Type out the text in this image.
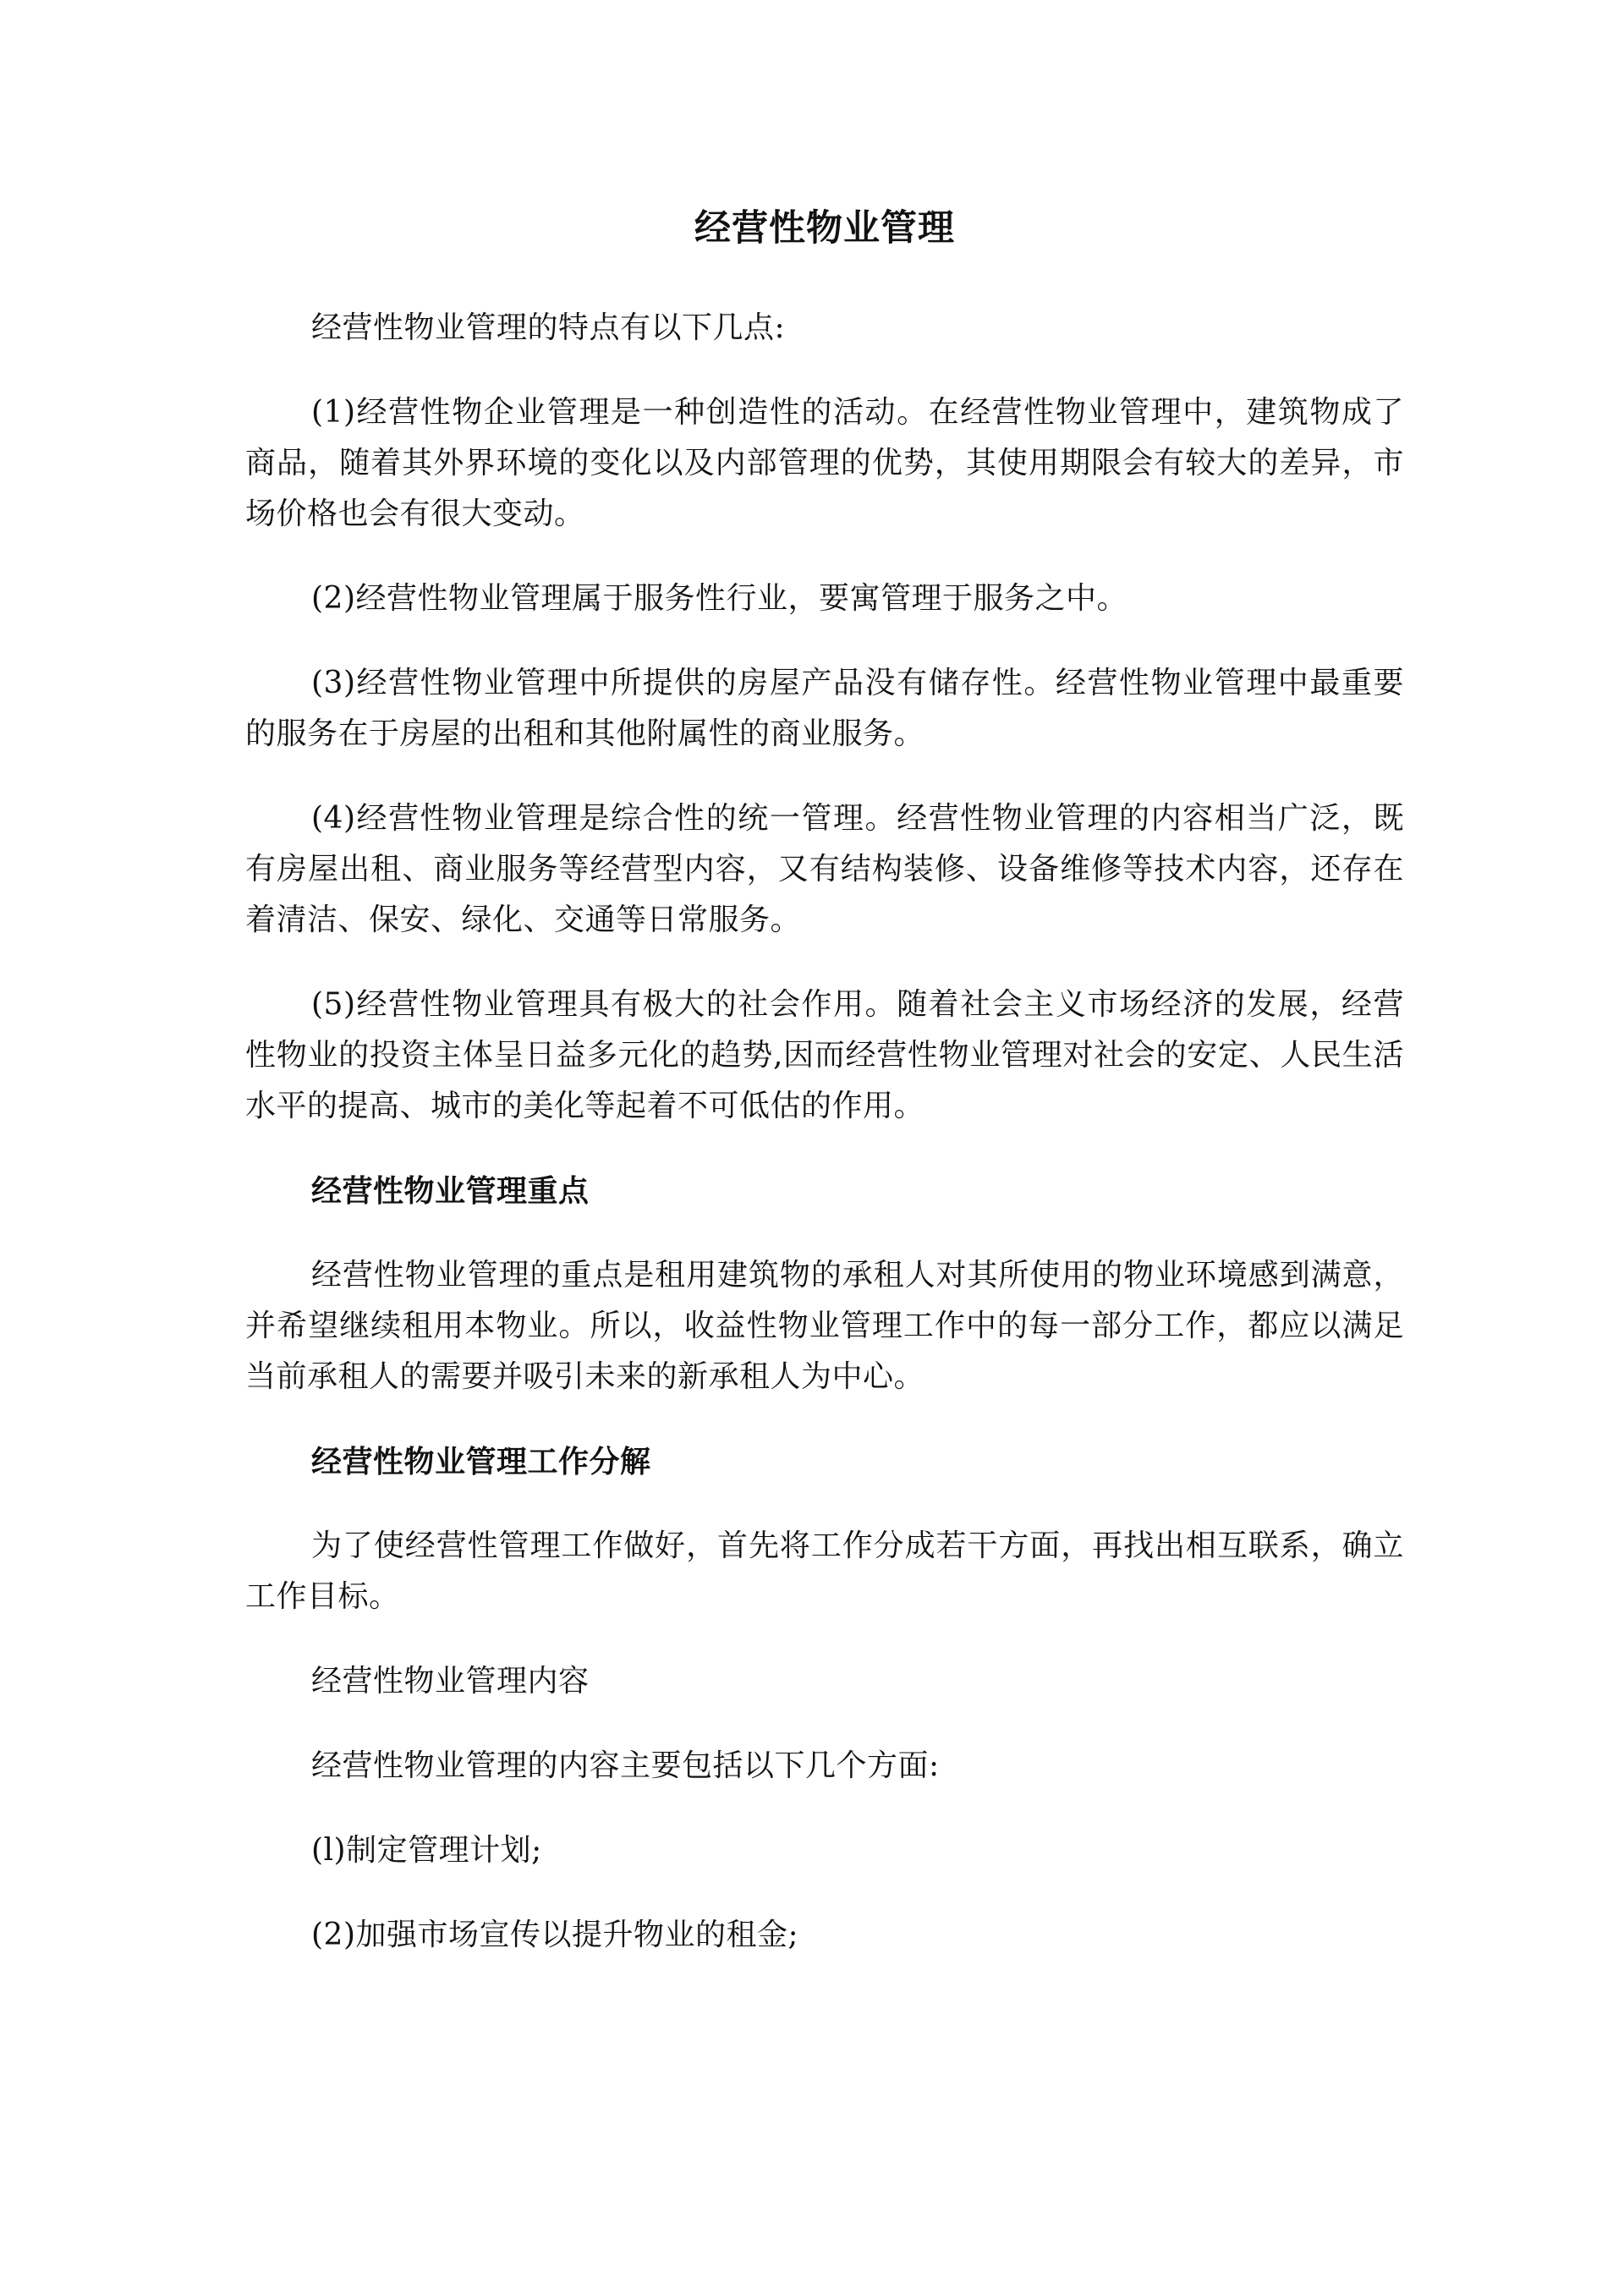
经营性物业管理

经营性物业管理的特点有以下几点:

(1)经营性物企业管理是一种创造性的活动。在经营性物业管理中，建筑物成了商品，随着其外界环境的变化以及内部管理的优势，其使用期限会有较大的差异，市场价格也会有很大变动。

(2)经营性物业管理属于服务性行业，要寓管理于服务之中。

(3)经营性物业管理中所提供的房屋产品没有储存性。经营性物业管理中最重要的服务在于房屋的出租和其他附属性的商业服务。

(4)经营性物业管理是综合性的统一管理。经营性物业管理的内容相当广泛，既有房屋出租、商业服务等经营型内容，又有结构装修、设备维修等技术内容，还存在着清洁、保安、绿化、交通等日常服务。

(5)经营性物业管理具有极大的社会作用。随着社会主义市场经济的发展，经营性物业的投资主体呈日益多元化的趋势,因而经营性物业管理对社会的安定、人民生活水平的提高、城市的美化等起着不可低估的作用。

经营性物业管理重点

经营性物业管理的重点是租用建筑物的承租人对其所使用的物业环境感到满意，并希望继续租用本物业。所以，收益性物业管理工作中的每一部分工作，都应以满足当前承租人的需要并吸引未来的新承租人为中心。

经营性物业管理工作分解

为了使经营性管理工作做好，首先将工作分成若干方面，再找出相互联系，确立工作目标。

经营性物业管理内容

经营性物业管理的内容主要包括以下几个方面:

(l)制定管理计划;

(2)加强市场宣传以提升物业的租金;
